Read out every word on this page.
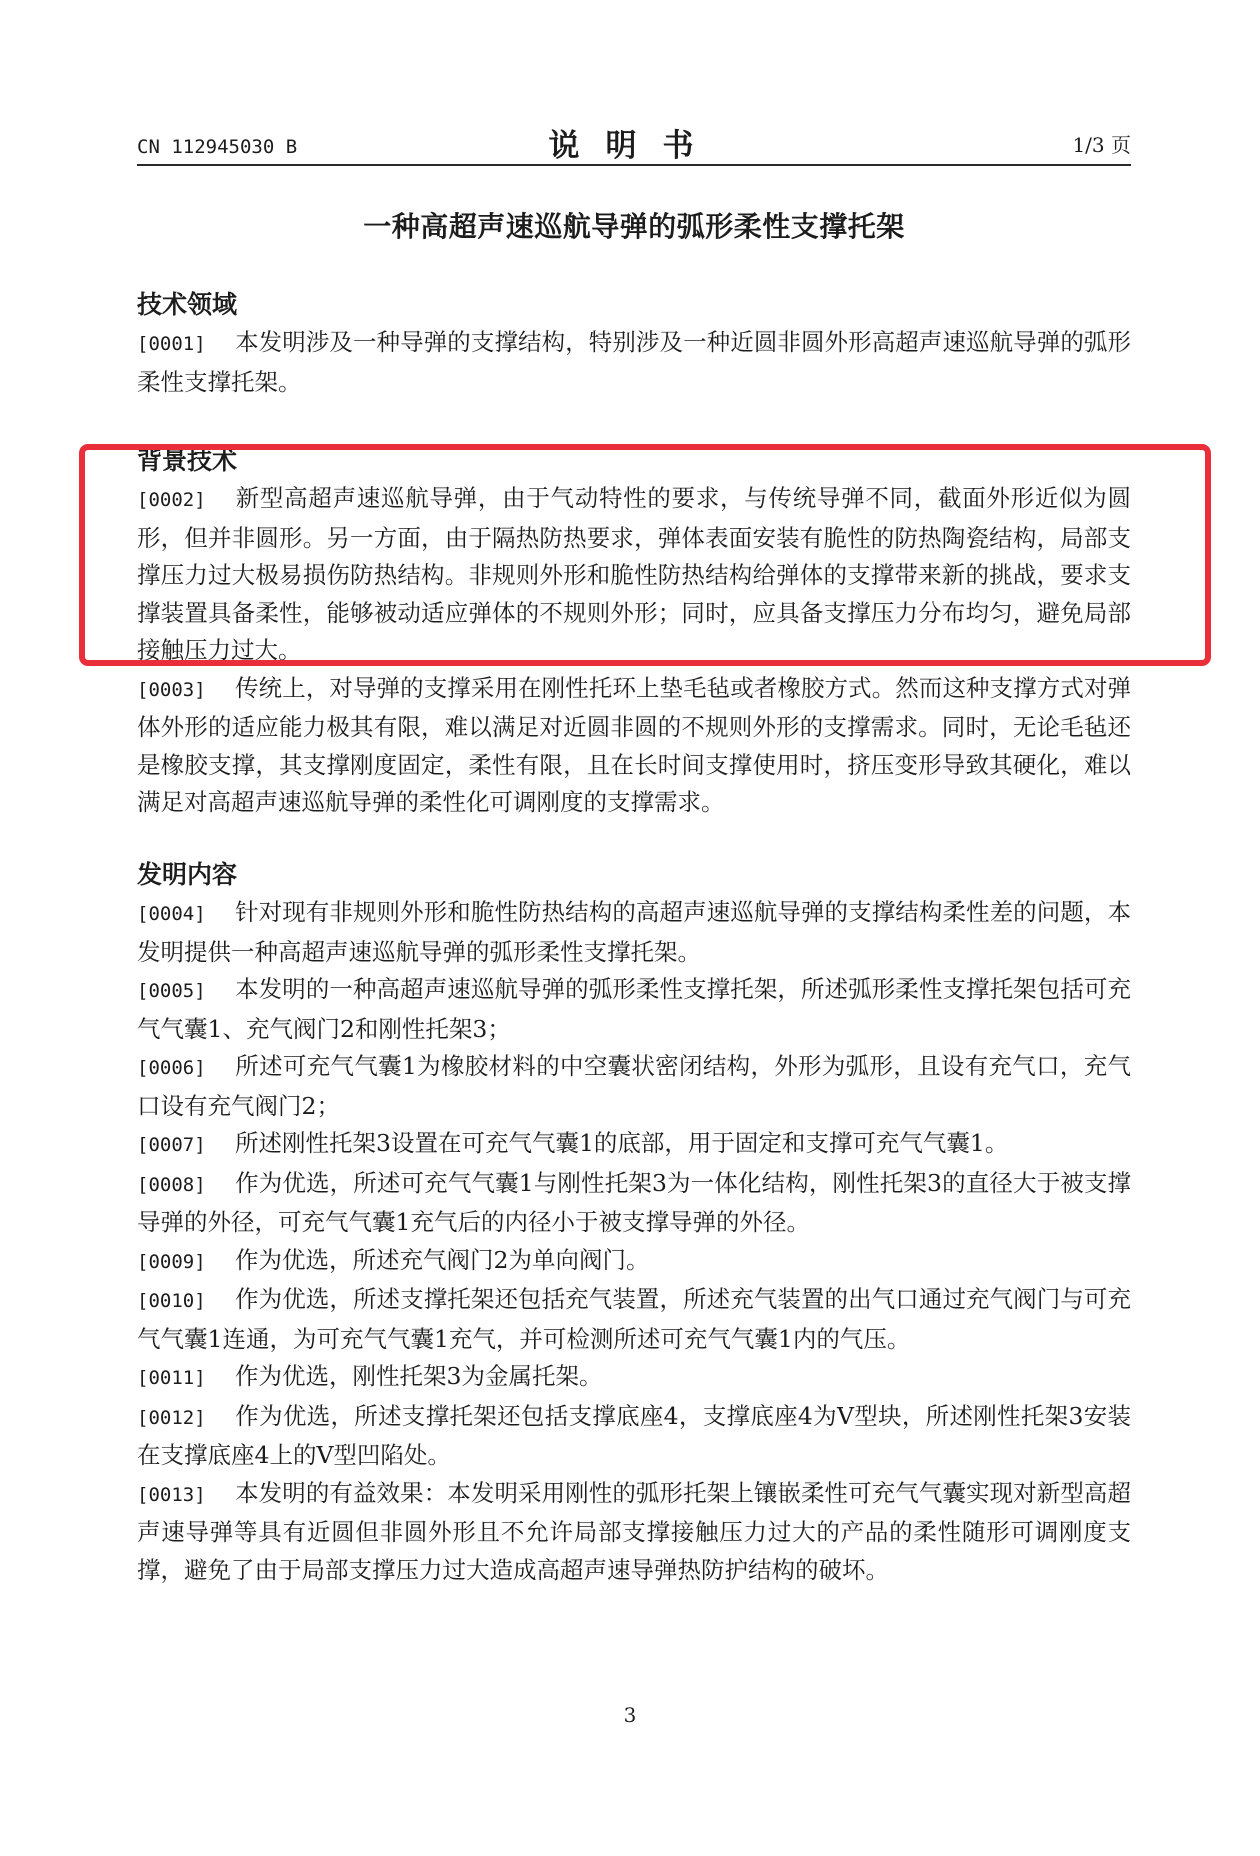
CN 112945030 B	说明书	1/3 页
一种高超声速巡航导弹的弧形柔性支撑托架
技术领域
[0001] 本发明涉及一种导弹的支撑结构，特别涉及一种近圆非圆外形高超声速巡航导弹的弧形柔性支撑托架。
背景技术
[0002] 新型高超声速巡航导弹，由于气动特性的要求，与传统导弹不同，截面外形近似为圆形，但并非圆形。另一方面，由于隔热防热要求，弹体表面安装有脆性的防热陶瓷结构，局部支撑压力过大极易损伤防热结构。非规则外形和脆性防热结构给弹体的支撑带来新的挑战，要求支撑装置具备柔性，能够被动适应弹体的不规则外形；同时，应具备支撑压力分布均匀，避免局部接触压力过大。
[0003] 传统上，对导弹的支撑采用在刚性托环上垫毛毡或者橡胶方式。然而这种支撑方式对弹体外形的适应能力极其有限，难以满足对近圆非圆的不规则外形的支撑需求。同时，无论毛毡还是橡胶支撑，其支撑刚度固定，柔性有限，且在长时间支撑使用时，挤压变形导致其硬化，难以满足对高超声速巡航导弹的柔性化可调刚度的支撑需求。
发明内容
[0004] 针对现有非规则外形和脆性防热结构的高超声速巡航导弹的支撑结构柔性差的问题，本发明提供一种高超声速巡航导弹的弧形柔性支撑托架。
[0005] 本发明的一种高超声速巡航导弹的弧形柔性支撑托架，所述弧形柔性支撑托架包括可充气气囊1、充气阀门2和刚性托架3；
[0006] 所述可充气气囊1为橡胶材料的中空囊状密闭结构，外形为弧形，且设有充气口，充气口设有充气阀门2；
[0007] 所述刚性托架3设置在可充气气囊1的底部，用于固定和支撑可充气气囊1。
[0008] 作为优选，所述可充气气囊1与刚性托架3为一体化结构，刚性托架3的直径大于被支撑导弹的外径，可充气气囊1充气后的内径小于被支撑导弹的外径。
[0009] 作为优选，所述充气阀门2为单向阀门。
[0010] 作为优选，所述支撑托架还包括充气装置，所述充气装置的出气口通过充气阀门与可充气气囊1连通，为可充气气囊1充气，并可检测所述可充气气囊1内的气压。
[0011] 作为优选，刚性托架3为金属托架。
[0012] 作为优选，所述支撑托架还包括支撑底座4，支撑底座4为V型块，所述刚性托架3安装在支撑底座4上的V型凹陷处。
[0013] 本发明的有益效果：本发明采用刚性的弧形托架上镶嵌柔性可充气气囊实现对新型高超声速导弹等具有近圆但非圆外形且不允许局部支撑接触压力过大的产品的柔性随形可调刚度支撑，避免了由于局部支撑压力过大造成高超声速导弹热防护结构的破坏。
3
